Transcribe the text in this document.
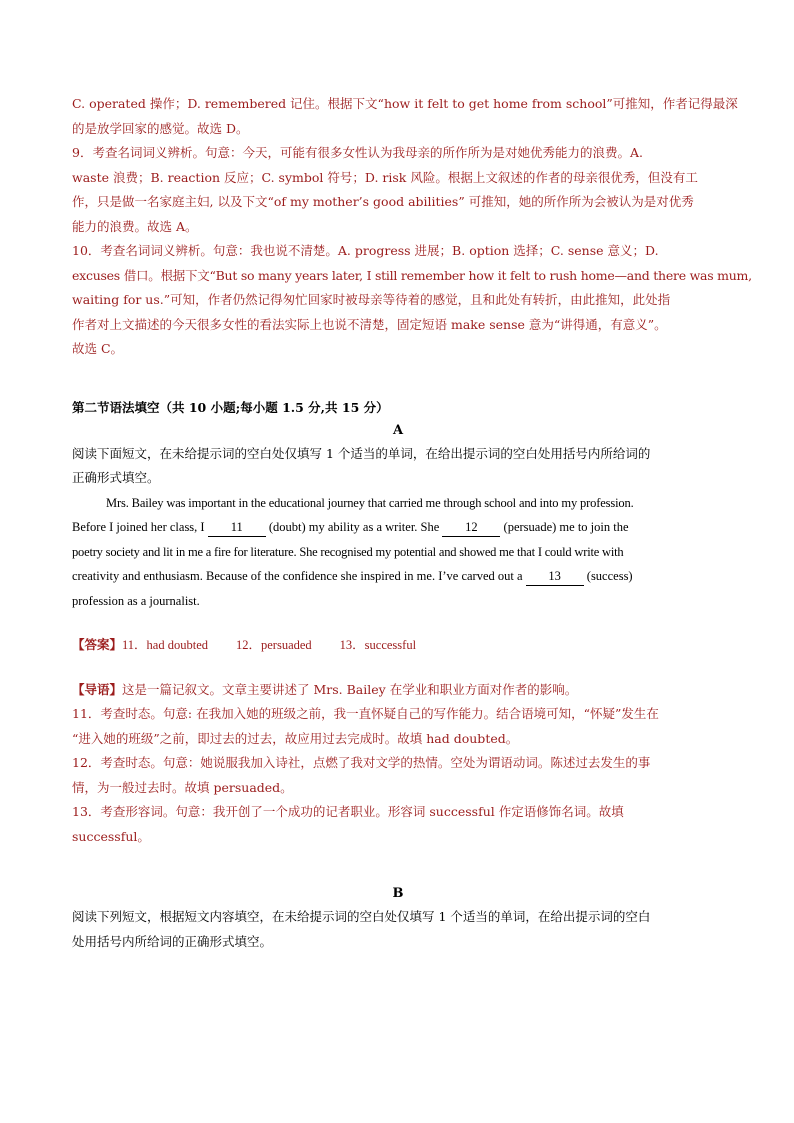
C. operated 操作；D. remembered 记住。根据下文“how it felt to get home from school”可推知，作者记得最深

的是放学回家的感觉。故选 D。

9．考查名词词义辨析。句意：今天，可能有很多女性认为我母亲的所作所为是对她优秀能力的浪费。A.

waste 浪费；B. reaction 反应；C. symbol 符号；D. risk 风险。根据上文叙述的作者的母亲很优秀，但没有工

作，只是做一名家庭主妇, 以及下文“of my mother’s good abilities” 可推知，她的所作所为会被认为是对优秀

能力的浪费。故选 A。

10．考查名词词义辨析。句意：我也说不清楚。A. progress 进展；B. option 选择；C. sense 意义；D.

excuses 借口。根据下文“But so many years later, I still remember how it felt to rush home—and there was mum,

waiting for us.”可知，作者仍然记得匆忙回家时被母亲等待着的感觉，且和此处有转折，由此推知，此处指

作者对上文描述的今天很多女性的看法实际上也说不清楚，固定短语 make sense 意为“讲得通，有意义”。

故选 C。

第二节语法填空（共 10 小题;每小题 1.5 分,共 15 分）

A

阅读下面短文，在未给提示词的空白处仅填写 1 个适当的单词，在给出提示词的空白处用括号内所给词的

正确形式填空。

Mrs. Bailey was important in the educational journey that carried me through school and into my profession.

Before I joined her class, I 11 (doubt) my ability as a writer. She 12 (persuade) me to join the

poetry society and lit in me a fire for literature. She recognised my potential and showed me that I could write with

creativity and enthusiasm. Because of the confidence she inspired in me. I’ve carved out a 13 (success)

profession as a journalist.

【答案】11．had doubted 12．persuaded 13．successful

【导语】这是一篇记叙文。文章主要讲述了 Mrs. Bailey 在学业和职业方面对作者的影响。

11．考查时态。句意: 在我加入她的班级之前，我一直怀疑自己的写作能力。结合语境可知，“怀疑”发生在

“进入她的班级”之前，即过去的过去，故应用过去完成时。故填 had doubted。

12．考查时态。句意：她说服我加入诗社，点燃了我对文学的热情。空处为谓语动词。陈述过去发生的事

情，为一般过去时。故填 persuaded。

13．考查形容词。句意：我开创了一个成功的记者职业。形容词 successful 作定语修饰名词。故填

successful。

B

阅读下列短文，根据短文内容填空，在未给提示词的空白处仅填写 1 个适当的单词，在给出提示词的空白

处用括号内所给词的正确形式填空。
